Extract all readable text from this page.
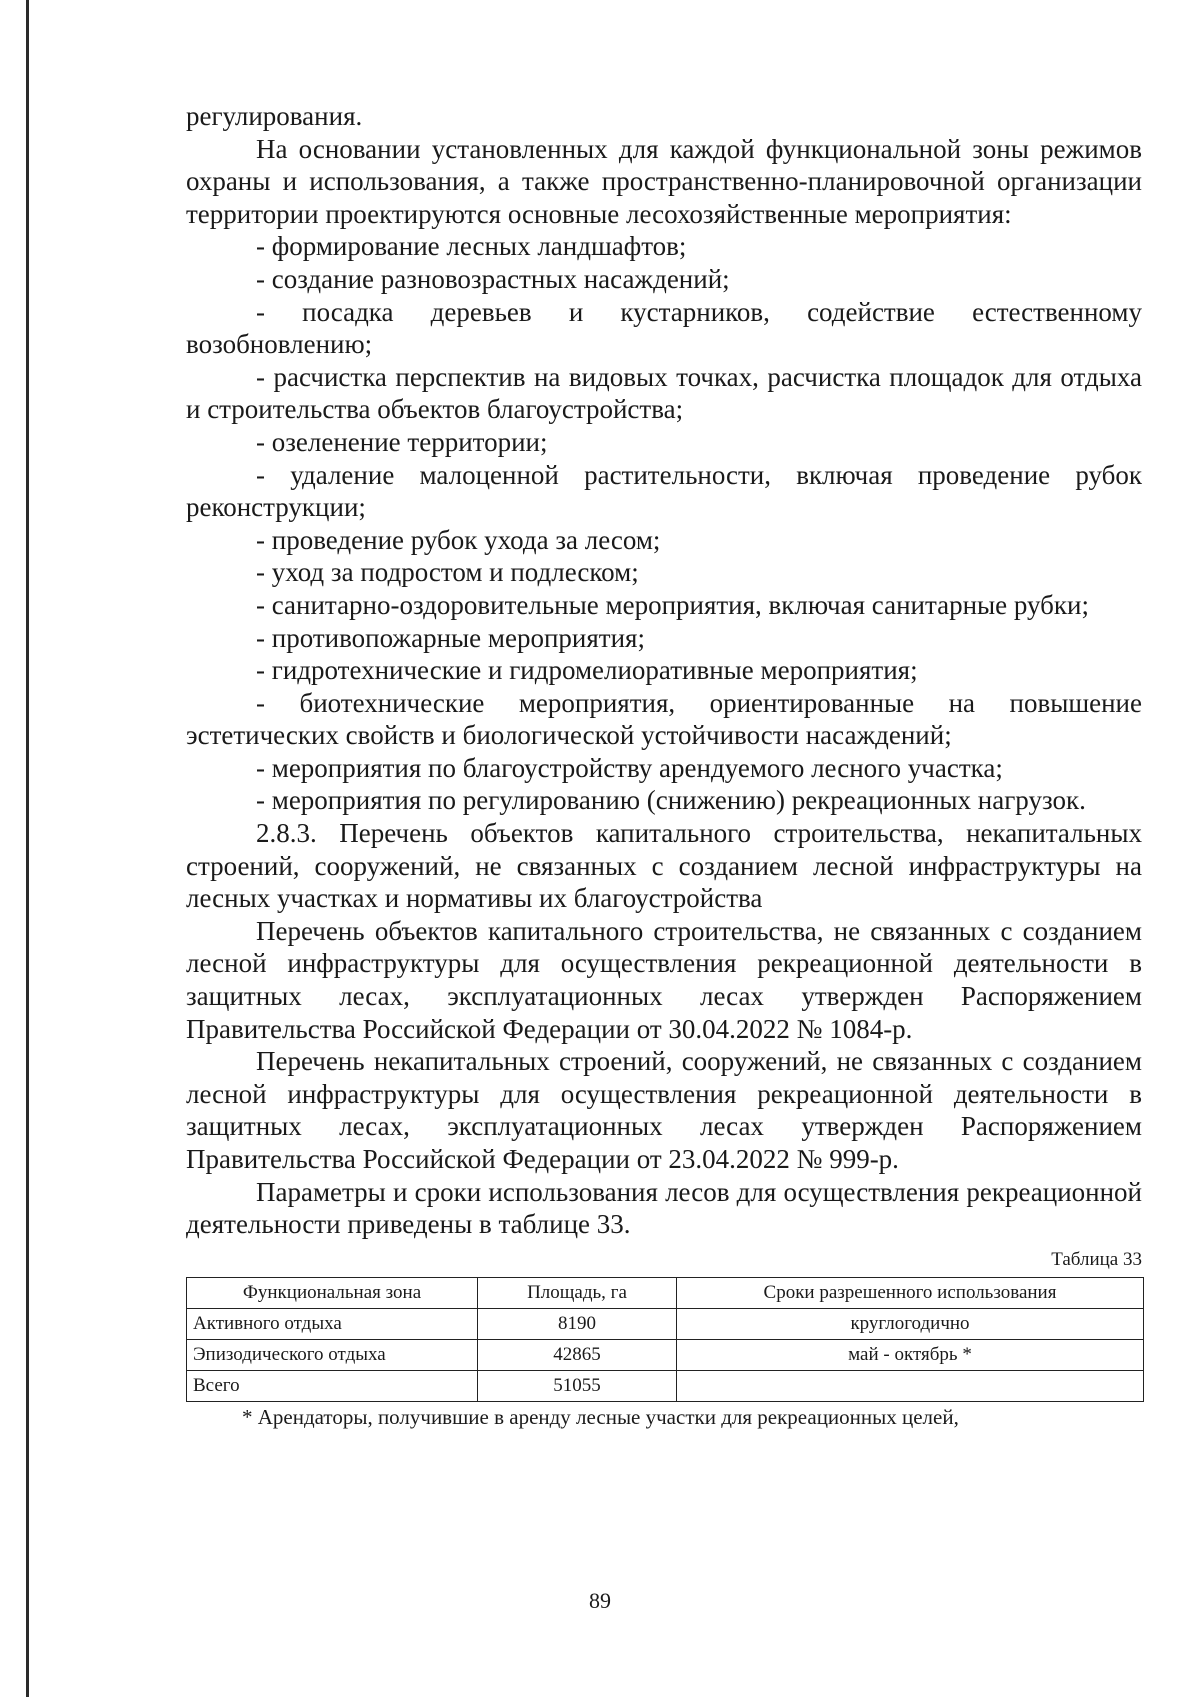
регулирования.

На основании установленных для каждой функциональной зоны режимов охраны и использования, а также пространственно-планировочной организации территории проектируются основные лесохозяйственные мероприятия:

- формирование лесных ландшафтов;

- создание разновозрастных насаждений;

- посадка деревьев и кустарников, содействие естественному возобновлению;

- расчистка перспектив на видовых точках, расчистка площадок для отдыха и строительства объектов благоустройства;

- озеленение территории;

- удаление малоценной растительности, включая проведение рубок реконструкции;

- проведение рубок ухода за лесом;

- уход за подростом и подлеском;

- санитарно-оздоровительные мероприятия, включая санитарные рубки;

- противопожарные мероприятия;

- гидротехнические и гидромелиоративные мероприятия;

- биотехнические мероприятия, ориентированные на повышение эстетических свойств и биологической устойчивости насаждений;

- мероприятия по благоустройству арендуемого лесного участка;

- мероприятия по регулированию (снижению) рекреационных нагрузок.

2.8.3. Перечень объектов капитального строительства, некапитальных строений, сооружений, не связанных с созданием лесной инфраструктуры на лесных участках и нормативы их благоустройства

Перечень объектов капитального строительства, не связанных с созданием лесной инфраструктуры для осуществления рекреационной деятельности в защитных лесах, эксплуатационных лесах утвержден Распоряжением Правительства Российской Федерации от 30.04.2022 № 1084-р.

Перечень некапитальных строений, сооружений, не связанных с созданием лесной инфраструктуры для осуществления рекреационной деятельности в защитных лесах, эксплуатационных лесах утвержден Распоряжением Правительства Российской Федерации от 23.04.2022 № 999-р.

Параметры и сроки использования лесов для осуществления рекреационной деятельности приведены в таблице 33.

Таблица 33
Функциональная зона	Площадь, га	Сроки разрешенного использования
Активного отдыха	8190	круглогодично
Эпизодического отдыха	42865	май - октябрь *
Всего	51055	

* Арендаторы, получившие в аренду лесные участки для рекреационных целей,

89
